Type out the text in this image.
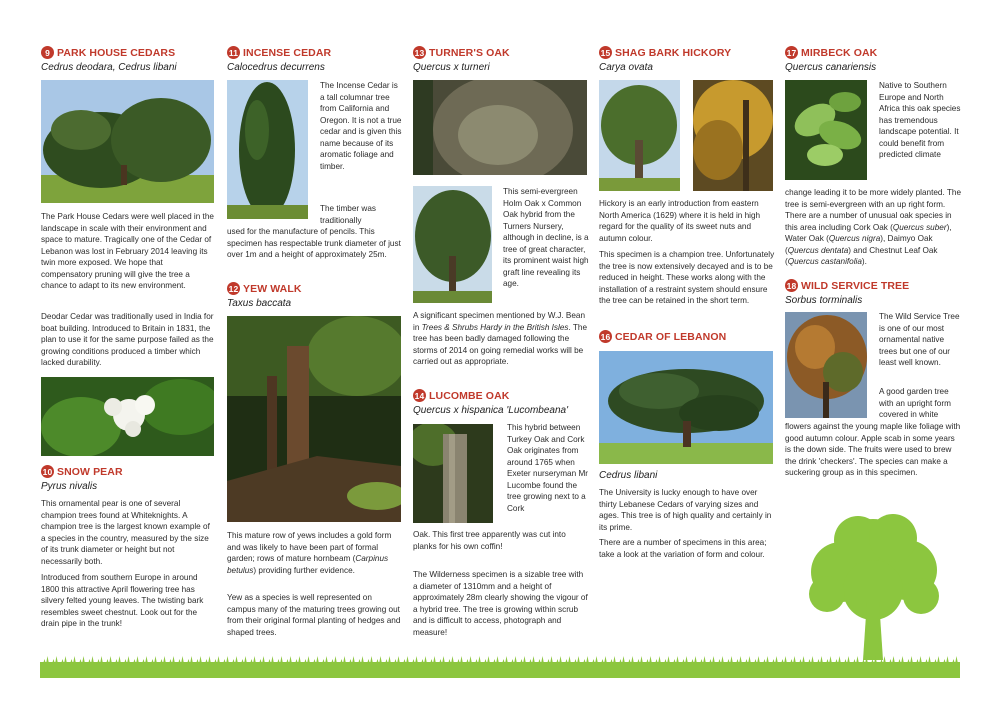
9 PARK HOUSE CEDARS
Cedrus deodara, Cedrus libani
The Park House Cedars were well placed in the landscape in scale with their environment and space to mature. Tragically one of the Cedar of Lebanon was lost in February 2014 leaving its twin more exposed. We hope that compensatory pruning will give the tree a chance to adapt to its new environment.
Deodar Cedar was traditionally used in India for boat building. Introduced to Britain in 1831, the plan to use it for the same purpose failed as the growing conditions produced a timber which lacked durability.
10 SNOW PEAR
Pyrus nivalis
This ornamental pear is one of several champion trees found at Whiteknights. A champion tree is the largest known example of a species in the country, measured by the size of its trunk diameter or height but not necessarily both.
Introduced from southern Europe in around 1800 this attractive April flowering tree has silvery felted young leaves. The twisting bark resembles sweet chestnut. Look out for the drain pipe in the trunk!
11 INCENSE CEDAR
Calocedrus decurrens
The Incense Cedar is a tall columnar tree from California and Oregon. It is not a true cedar and is given this name because of its aromatic foliage and timber.
The timber was traditionally
used for the manufacture of pencils. This specimen has respectable trunk diameter of just over 1m and a height of approximately 25m.
12 YEW WALK
Taxus baccata
This mature row of yews includes a gold form and was likely to have been part of formal garden; rows of mature hornbeam (Carpinus betulus) providing further evidence.
Yew as a species is well represented on campus many of the maturing trees growing out from their original formal planting of hedges and shaped trees.
13 TURNER'S OAK
Quercus x turneri
This semi-evergreen Holm Oak x Common Oak hybrid from the Turners Nursery, although in decline, is a tree of great character, its prominent waist high graft line revealing its age.
A significant specimen mentioned by W.J. Bean in Trees & Shrubs Hardy in the British Isles. The tree has been badly damaged following the storms of 2014 on going remedial works will be carried out as appropriate.
14 LUCOMBE OAK
Quercus x hispanica 'Lucombeana'
This hybrid between Turkey Oak and Cork Oak originates from around 1765 when Exeter nurseryman Mr Lucombe found the tree growing next to a Cork
Oak. This first tree apparently was cut into planks for his own coffin!
The Wilderness specimen is a sizable tree with a diameter of 1310mm and a height of approximately 28m clearly showing the vigour of a hybrid tree. The tree is growing within scrub and is difficult to access, photograph and measure!
15 SHAG BARK HICKORY
Carya ovata
Hickory is an early introduction from eastern North America (1629) where it is held in high regard for the quality of its sweet nuts and autumn colour.
This specimen is a champion tree. Unfortunately the tree is now extensively decayed and is to be reduced in height. These works along with the installation of a restraint system should ensure the tree can be retained in the short term.
16 CEDAR OF LEBANON
Cedrus libani
The University is lucky enough to have over thirty Lebanese Cedars of varying sizes and ages. This tree is of high quality and certainly in its prime.
There are a number of specimens in this area; take a look at the variation of form and colour.
17 MIRBECK OAK
Quercus canariensis
Native to Southern Europe and North Africa this oak species has tremendous landscape potential. It could benefit from predicted climate
change leading it to be more widely planted. The tree is semi-evergreen with an up right form. There are a number of unusual oak species in this area including Cork Oak (Quercus suber), Water Oak (Quercus nigra), Daimyo Oak (Quercus dentata) and Chestnut Leaf Oak (Quercus castanifolia).
18 WILD SERVICE TREE
Sorbus torminalis
The Wild Service Tree is one of our most ornamental native trees but one of our least well known.
A good garden tree with an upright form covered in white
flowers against the young maple like foliage with good autumn colour. Apple scab in some years is the down side. The fruits were used to brew the drink 'checkers'. The species can make a suckering group as in this specimen.
